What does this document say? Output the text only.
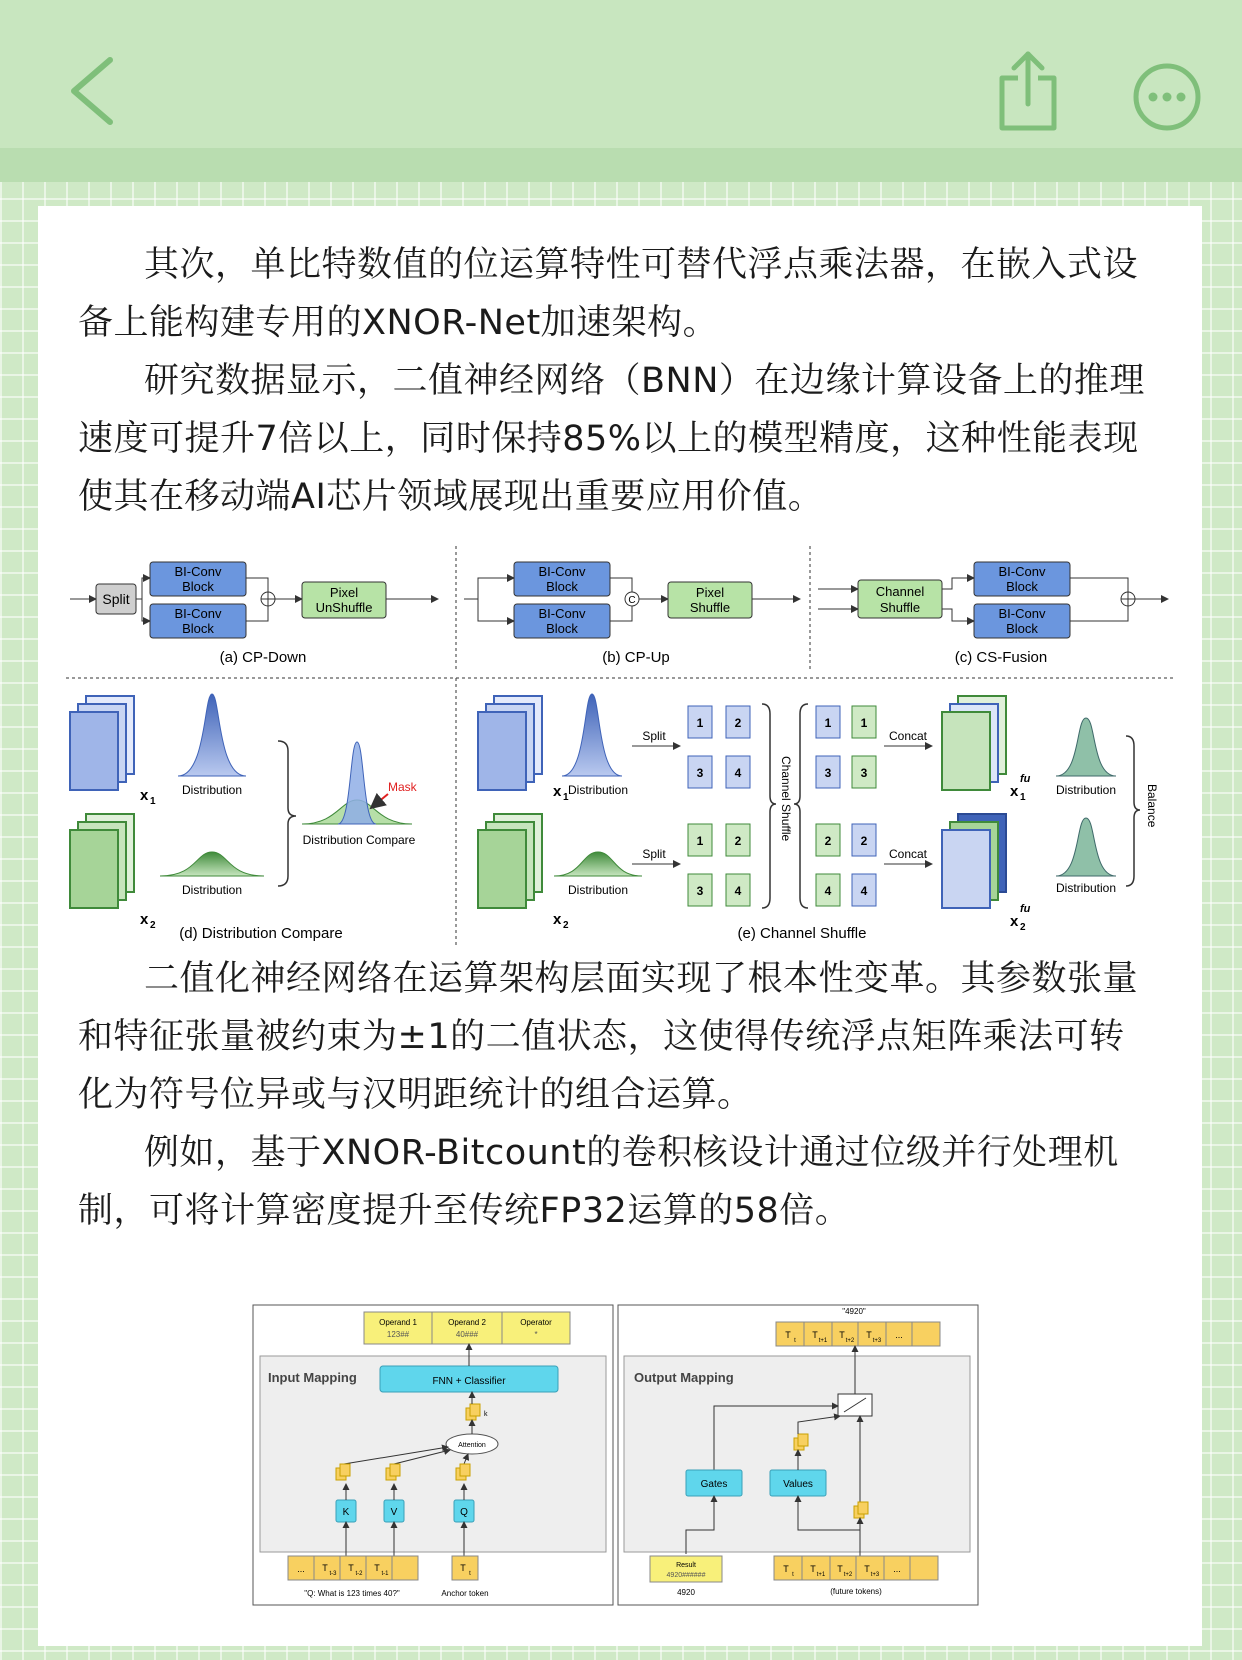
其次，单比特数值的位运算特性可替代浮点乘法器，在嵌入式设备上能构建专用的XNOR-Net加速架构。

研究数据显示，二值神经网络（BNN）在边缘计算设备上的推理速度可提升7倍以上，同时保持85%以上的模型精度，这种性能表现使其在移动端AI芯片领域展现出重要应用价值。

Split
BI-Conv
Block
BI-Conv
Block
Pixel
UnShuffle
(a) CP-Down
BI-Conv
Block
BI-Conv
Block
C
Pixel
Shuffle
(b) CP-Up
Channel
Shuffle
BI-Conv
Block
BI-Conv
Block
(c) CS-Fusion
x 1
Distribution
x 2
Distribution
Mask
Distribution Compare
(d) Distribution Compare
x 1
Distribution
x 2
Distribution
Split
Split
1	2
3	4
1	2
3	4
Channel Shuffle
1 1
3 3
2 2
4 4
Concat
Concat
x 1
fu
Distribution
x 2
fu
Distribution
Balance
(e) Channel Shuffle

二值化神经网络在运算架构层面实现了根本性变革。其参数张量和特征张量被约束为±1的二值状态，这使得传统浮点矩阵乘法可转化为符号位异或与汉明距统计的组合运算。

例如，基于XNOR-Bitcount的卷积核设计通过位级并行处理机制，可将计算密度提升至传统FP32运算的58倍。

Operand 1
123##
Operand 2
40###
Operator
*
Input Mapping	FNN + Classifier
k
Attention
K	V	Q
... T
t-3
T
t-2
T
t-1
T
t
"Q: What is 123 times 40?"	Anchor token
"4920"
T
t
T
t+1
T
t+2
T
t+3
...
Output Mapping
Gates	Values
Result
4920######
4920
T
t
T
t+1
T
t+2
T
t+3
...
(future tokens)
